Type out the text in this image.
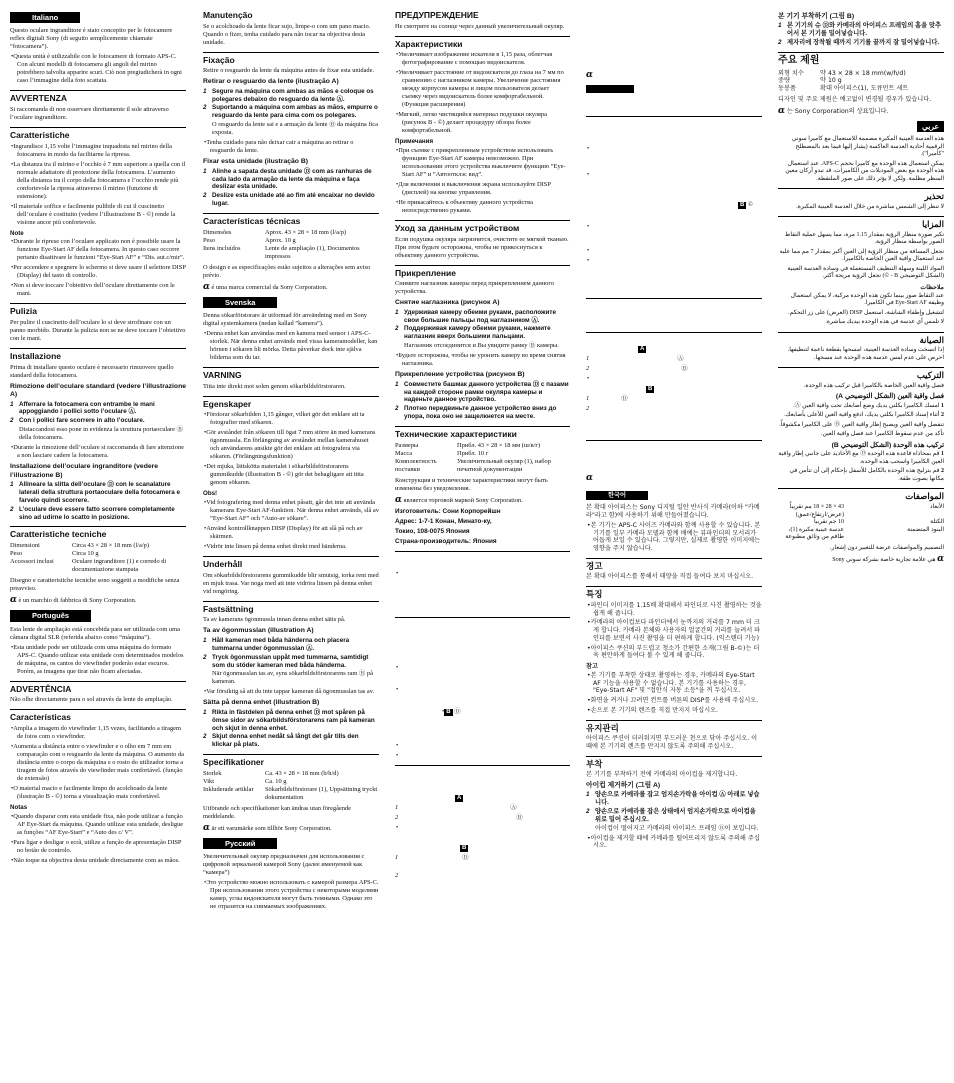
Italiano

Questo oculare ingranditore è stato concepito per le fotocamere reflex digitali Sony (di seguito semplicemente chiamate “fotocamera”).

• Questa unità è utilizzabile con le fotocamere di formato APS-C. Con alcuni modelli di fotocamera gli angoli del mirino potrebbero talvolta apparire scuri. Ciò non pregiudicherà in ogni caso l’immagine della foto scattata.

AVVERTENZA

Si raccomanda di non osservare direttamente il sole attraverso l’oculare ingranditore.

Caratteristiche

• Ingrandisce 1,15 volte l’immagine inquadrata nel mirino della fotocamera in modo da facilitarne la ripresa.

• La distanza tra il mirino e l’occhio è 7 mm superiore a quella con il normale adattatore di protezione della fotocamera. L’aumento della distanza tra il corpo della fotocamera e l’occhio rende più confortevole la ripresa attraverso il mirino (funzione di estensione).

• Il materiale soffice e facilmente pulibile di cui il cuscinetto dell’oculare è costituito (vedere l’illustrazione B - ©) rende la visione ancor più confortevole.

Note

• Durante le riprese con l’oculare applicato non è possibile usare la funzione Eye-Start AF della fotocamera. In questo caso occorre pertanto disattivare le funzioni “Eye-Start AF” e “Dis. aut.c/mir”.

• Per accendere e spegnere lo schermo si deve usare il selettore DISP (Display) del tasto di controllo.

• Non si deve toccare l’obiettivo dell’oculare direttamente con le mani.

Pulizia

Per pulire il cuscinetto dell’oculare lo si deve strofinare con un panno morbido. Durante la pulizia non se ne deve toccare l’obiettivo con le mani.

Installazione

Prima di installare questo oculare è necessario rimuovere quello standard della fotocamera.

Rimozione dell’oculare standard (vedere l’illustrazione A)
1 Afferrare la fotocamera con entrambe le mani appoggiando i pollici sotto l’oculare Ⓐ.
2 Con i pollici fare scorrere in alto l’oculare.

Distaccandosi esso pone in evidenza la struttura portaoculare Ⓑ della fotocamera.

• Durante la rimozione dell’oculare si raccomanda di fare attenzione a non lasciare cadere la fotocamera.

Installazione dell’oculare ingranditore (vedere l’illustrazione B)
1 Allineare la slitta dell’oculare Ⓓ con le scanalature laterali della struttura portaoculare della fotocamera e farvelo quindi scorrere.
2 L’oculare deve essere fatto scorrere completamente sino ad udirne lo scatto in posizione.
Caratteristiche tecniche
Dimensioni	Circa 43 × 28 × 18 mm (l/a/p)
Peso	Circa 10 g
Accessori inclusi	Oculare ingranditore (1) e corredo di documentazione stampata

Disegno e caratteristiche tecniche sono soggetti a modifiche senza preavviso.

α è un marchio di fabbrica di Sony Corporation.

Português

Esta lente de ampliação está concebida para ser utilizada com uma câmara digital SLR (referida abaixo como “máquina”).

• Esta unidade pode ser utilizada com uma máquina do formato APS-C. Quando utilizar esta unidade com determinados modelos de máquina, os cantos do viewfinder poderão estar escuros. Porém, as imagens que tirar não ficam afectadas.

ADVERTÊNCIA

Não olhe directamente para o sol através da lente de ampliação.

Características

• Amplia a imagem do viewfinder 1,15 vezes, facilitando a tiragem de fotos com o viewfinder.

• Aumenta a distância entre o viewfinder e o olho em 7 mm em comparação com o resguardo da lente da máquina. O aumento da distância entre o corpo da máquina e o rosto do utilizador torna a tiragem de fotos através do viewfinder mais confortável. (função de extensão)

• O material macio e facilmente limpo do acolchoado da lente (ilustração B - ©) torna a visualização mais confortável.

Notas

• Quando disparar com esta unidade fixa, não pode utilizar a função AF Eye-Start da máquina. Quando utilizar esta unidade, desligue as funções “AF Eye-Start” e “Auto des c/ V”.

• Para ligar e desligar o ecrã, utilize a função de apresentação DISP no botão de controlo.

• Não toque na objectiva desta unidade directamente com as mãos.

Manutenção

Se o acolchoado da lente ficar sujo, limpe-o com um pano macio. Quando o fizer, tenha cuidado para não tocar na objectiva desta unidade.

Fixação

Retire o resguardo da lente da máquina antes de fixar esta unidade.

Retirar o resguardo da lente (ilustração A)
1 Segure na máquina com ambas as mãos e coloque os polegares debaixo do resguardo da lente Ⓐ.
2 Suportando a máquina com ambas as mãos, empurre o resguardo da lente para cima com os polegares.

O resguardo da lente sai e a armação da lente Ⓑ da máquina fica exposta.

• Tenha cuidado para não deixar cair a máquina ao retirar o resguardo da lente.

Fixar esta unidade (ilustração B)
1 Alinhe a sapata desta unidade Ⓓ com as ranhuras de cada lado da armação da lente da máquina e faça deslizar esta unidade.
2 Deslize esta unidade até ao fim até encaixar no devido lugar.
Características técnicas
Dimensões	Aprox. 43 × 28 × 18 mm (l/a/p)
Peso	Aprox. 10 g
Itens incluídos	Lente de ampliação (1), Documentos impressos

O design e as especificações estão sujeitos a alterações sem aviso prévio.

α é uma marca comercial da Sony Corporation.

Svenska

Denna sökarförstorare är utformad för användning med en Sony digital systemkamera (nedan kallad ”kamera”).

• Denna enhet kan användas med en kamera med sensor i APS-C-storlek. När denna enhet används med vissa kameramodeller, kan hörnen i sökaren bli mörka. Detta påverkar dock inte själva bilderna som du tar.

VARNING

Titta inte direkt mot solen genom sökarbildsförstoraren.

Egenskaper

• Förstorar sökarbilden 1,15 gånger, vilket gör det enklare att ta fotografier med sökaren.

• Gör avståndet från sökaren till ögat 7 mm större än med kamerans ögonmussla. En förlängning av avståndet mellan kamerahuset och användarens ansikte gör det enklare att fotografera via sökaren. (Förlängningsfunktion)

• Det mjuka, lättskötta materialet i sökarbildsförstorarens gummikudde (illustration B - ©) gör det behagligare att titta genom sökaren.

Obs!

• Vid fotografering med denna enhet påsatt, går det inte att använda kamerans Eye-Start AF-funktion. När denna enhet används, slå av ”Eye-Start AF” och ”Auto-av sökare”.

• Använd kontrollknappen DISP (Display) för att slå på och av skärmen.

• Vidrör inte linsen på denna enhet direkt med händerna.

Underhåll

Om sökarbildsförstorarens gummikudde blir smutsig, torka rent med en mjuk trasa. Var noga med att inte vidröra linsen på denna enhet vid rengöring.

Fastsättning

Ta av kamerans ögonmussla innan denna enhet sätts på.

Ta av ögonmusslan (illustration A)
1 Håll kameran med båda händerna och placera tummarna under ögonmusslan Ⓐ.
2 Tryck ögonmusslan uppåt med tummarna, samtidigt som du stöder kameran med båda händerna.

När ögonmusslan tas av, syns sökarbildsförstorarens ram Ⓑ på kameran.

• Var försiktig så att du inte tappar kameran då ögonmusslan tas av.

Sätta på denna enhet (illustration B)
1 Rikta in fästdelen på denna enhet Ⓓ mot spåren på ömse sidor av sökarbildsförstorarens ram på kameran och skjut in denna enhet.
2 Skjut denna enhet nedåt så långt det går tills den klickar på plats.
Specifikationer
Storlek	Ca. 43 × 28 × 18 mm (b/h/d)
Vikt	Ca. 10 g
Inkluderade artiklar	Sökarbildsförstorare (1), Uppsättning tryckt dokumentation

Utförande och specifikationer kan ändras utan föregående meddelande.

α är ett varumärke som tillhör Sony Corporation.

Русский

Увеличительный окуляр предназначен для использования с цифровой зеркальной камерой Sony (далее именуемой как “камера”)

• Это устройство можно использовать с камерой размера APS-C. При использовании этого устройства с некоторыми моделями камер, углы видоискателя могут быть темными. Однако это не отразится на снимаемых изображениях.

ПРЕДУПРЕЖДЕНИЕ

Не смотрите на солнце через данный увеличительный окуляр.

Характеристики

• Увеличивает изображение искателя в 1,15 раза, облегчая фотографирование с помощью видоискателя.

• Увеличивает расстояние от видоискателя до глаза на 7 мм по сравнению с наглазником камеры. Увеличение расстояния между корпусом камеры и лицом пользователя делает съемку через видоискатель более комфортабельной. (Функция расширения)

• Мягкий, легко чистящийся материал подушки окуляра (рисунок B - ©) делает процедуру обзора более комфортабельной.

Примечания

• При съемке с прикрепленным устройством использовать функцию Eye-Start AF камеры невозможно. При использовании этого устройства выключите функцию “Eye-Start AF” и “Автоотклэс вид”.

• Для включения и выключения экрана используйте DISP (дисплей) на кнопке управления.

• Не прикасайтесь к объективу данного устройства непосредственно руками.

Уход за данным устройством

Если подушка окуляра загрязнится, очистите ее мягкой тканью. При этом будьте осторожны, чтобы не прикоснуться к объективу данного устройства.

Прикрепление

Снимите наглазник камеры перед прикреплением данного устройства.

Снятие наглазника (рисунок A)
1 Удерживая камеру обеими руками, расположите свои большие пальцы под наглазником Ⓐ.
2 Поддерживая камеру обеими руками, нажмите наглазник вверх большими пальцами.

Наглазник отсоединится и Вы увидите рамку Ⓑ камеры.

• Будьте осторожны, чтобы не уронить камеру во время снятия наглазника.

Прикрепление устройства (рисунок B)
1 Совместите башмак данного устройства Ⓓ с пазами на каждой стороне рамки окуляра камеры и наденьте данное устройство.
2 Плотно передвиньте данное устройство вниз до упора, пока оно не защелкнется на месте.
Технические характеристики
Размеры	Прибл. 43 × 28 × 18 мм (ш/в/г)
Масса	Прибл. 10 г
Комплектность поставки
Увеличительный окуляр (1), набор печатной документации

Конструкция и технические характеристики могут быть изменены без уведомления.

α является торговой маркой Sony Corporation.

Изготовитель: Сони Корпорейшн

Адрес: 1-7-1 Конан, Минато-ку,

Токио, 108-0075 Япония

Страна-производитель: Япония

•

•

•

• B Ⓓ

•

•

A

1	Ⓐ

2	Ⓑ

•

B

1	Ⓓ

2

α

•

•

B ©

•

•

•

A

1	Ⓐ

2	Ⓑ

•

B

1	Ⓓ

2

α
한국어

본 확대 아이피스는 Sony 디지털 일안 반사식 카메라(이하 "카메라"라고 함)에 사용하기 위해 만들어졌습니다.

• 본 기기는 APS-C 사이즈 카메라와 함께 사용할 수 있습니다. 본 기기를 일부 카메라 모델과 함께 배예는 뷰파인더의 모서리가 어둡게 보일 수 있습니다. 그렇지만, 실제로 촬영한 이미지에는 영향을 주지 않습니다.

경고

본 확대 아이피스를 통해서 태양을 직접 들여다 보지 마십시오.

특징

• 파인더 이미지를 1.15배 확대해서 파인더로 사진 촬영하는 것을 쉽게 해 줍니다.

• 카메라의 아이컵보다 파인더에서 눈까지의 거리를 7 mm 더 크게 합니다. 카메라 본체와 사용자의 얼굴간의 거리를 늘려서 파인더를 보면서 사진 촬영을 더 편하게 합니다. (익스텐더 기능)

• 아이피스 쿠션의 부드럽고 청소가 간편한 소재(그림 B-©)는 더욱 편안하게 들여다 볼 수 있게 해 줍니다.

참고

• 본 기기를 부착한 상태로 촬영하는 경우, 카메라의 Eye-Start AF 기능을 사용할 수 없습니다. 본 기기를 사용하는 경우, "Eye-Start AF" 및 "접안식 자동 소등"을 꺼 두십시오.

• 화면을 켜거나 끄려면 컨트롤 버튼의 DISP를 사용해 주십시오.

• 손으로 본 기기의 렌즈를 직접 만지지 마십시오.

유지관리

아이피스 쿠션이 더러워지면 부드러운 천으로 닦아 주십시오. 이 때에 본 기기의 렌즈를 만지지 않도록 주의해 주십시오.

부착

본 기기를 부착하기 전에 카메라의 아이컵을 제거합니다.

아이컵 제거하기 (그림 A)
1 양손으로 카메라를 잡고 엄지손가락을 아이컵 Ⓐ 아래로 넣습니다.
2 양손으로 카메라를 잡은 상태에서 엄지손가락으로 아이컵을 위로 밀어 주십시오.

아이컵이 떨어지고 카메라의 아이피스 프레임 Ⓑ이 보입니다.

• 아이컵을 제거할 때에 카메라를 떨어뜨리지 않도록 주의해 주십시오.

본 기기 부착하기 (그림 B)
1 본 기기의 슈 Ⓓ와 카메라의 아이피스 프레임의 홈을 맞추어서 본 기기를 밀어넣습니다.
2 제자리에 장착될 때까지 기기를 끝까지 잘 밀어넣습니다.
주요 제원
외형 치수	약 43 × 28 × 18 mm(w/h/d)
중량	약 10 g
동봉품	확대 아이피스(1), 도큐먼트 세트

디자인 및 주요 제원은 예고없이 변경될 경우가 있습니다.

α 는 Sony Corporation의 상표입니다.

عربي

هذه العدسة العينية المكبرة مصممة للاستعمال مع كاميرا سوني الرقمية أحادية العدسة العاكسة (يشار إليها فيما بعد بالمصطلح "كاميرا").

يمكن استعمال هذه الوحدة مع كاميرا بحجم APS-C. عند استعمال هذه الوحدة مع بعض الموديلات من الكاميرات، قد تبدو أركان معين المنظر مظلمة. ولكن لا يؤثر ذلك على صور الملتقطة.

تحذير

لا تنظر إلى الشمس مباشرة من خلال العدسة العينية المكبرة.

المزايا

تكبر صورة منظار الرؤية بمقدار 1.15 مرة، مما يسهل عملية التقاط الصور بواسطة منظار الرؤية.

تجعل المسافة من منظار الرؤية إلى العين أكبر بمقدار 7 مم مما عليه عند استعمال واقية العين الخاصة بالكاميرا.

المواد اللينة وسهلة التنظيف المستعملة في وسادة العدسة العينية (الشكل التوضيحي B - ©) تجعل الرؤية مريحة أكثر.

ملاحظات

عند التقاط صور بينما تكون هذه الوحدة مركبة، لا يمكن استعمال وظيفة Eye-Start AF في الكاميرا.

لتشغيل وإطفاء الشاشة، استعمل DISP (العرض) على زر التحكم.

لا تلمس أي عدسة في هذه الوحدة بيديك مباشرة.

الصيانة

إذا اتسخت وسادة العدسة العينية، امسحها بقطعة ناعمة لتنظيفها. احرص على عدم لمس عدسة هذه الوحدة عند مسحها.

التركيب

فصل واقية العين الخاصة بالكاميرا قبل تركيب هذه الوحدة.

فصل واقية العين (الشكل التوضيحي A)

1 امسك الكاميرا بكلتي يديك وضع أصابعك تحت واقية العين Ⓐ.

2 أثناء إسناد الكاميرا بكلتي يديك، ادفع واقية العين للأعلى بأصابعك.

تنفصل واقية العين ويصبح إطار واقية العين Ⓑ على الكاميرا مكشوفاً.

تأكد من عدم سقوط الكاميرا عند فصل واقية العين.

تركيب هذه الوحدة (الشكل التوضيحي B)

1 قم بمحاذاة قاعدة هذه الوحدة Ⓓ مع الأخاديد على جانبي إطار واقية العين الكاميرا واسحب هذه الوحدة.

2 قم بتزليج هذه الوحدة بالكامل للأسفل بإحكام إلى أن تتأمن في مكانها بصوت طقة.

المواصفات
الأبعاد
43 × 28 × 18 مم تقريباً (عرض/ارتفاع/عمق)
الكتلة
10 جم تقريباً
البنود المتضمنة
عدسة عينية مكبرة (1)، طاقم من وثائق مطبوعة

التصميم والمواصفات عرضة للتغيير دون إشعار.

α هي علامة تجارية خاصة بشركة سوني Sony
